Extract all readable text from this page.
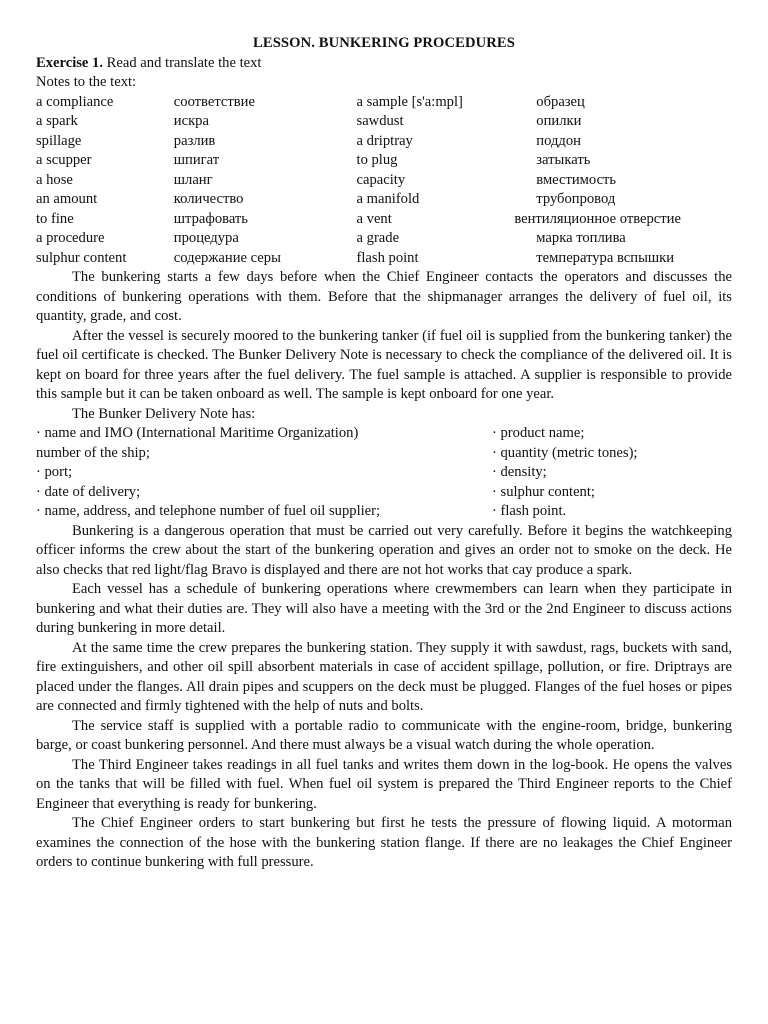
LESSON. BUNKERING PROCEDURES
Exercise 1. Read and translate the text
Notes to the text:
a compliance	соответствие	a sample [s'a:mpl]	образец
a spark	искра	sawdust	опилки
spillage	разлив	a driptray	поддон
a scupper	шпигат	to plug	затыкать
a hose	шланг	capacity	вместимость
an amount	количество	a manifold	трубопровод
to fine	штрафовать	a vent	вентиляционное отверстие
a procedure	процедура	a grade	марка топлива
sulphur content	содержание серы	flash point	температура вспышки

The bunkering starts a few days before when the Chief Engineer contacts the operators and discusses the conditions of bunkering operations with them. Before that the shipmanager arranges the delivery of fuel oil, its quantity, grade, and cost.

After the vessel is securely moored to the bunkering tanker (if fuel oil is supplied from the bunkering tanker) the fuel oil certificate is checked. The Bunker Delivery Note is necessary to check the compliance of the delivered oil. It is kept on board for three years after the fuel delivery. The fuel sample is attached. A supplier is responsible to provide this sample but it can be taken onboard as well. The sample is kept onboard for one year.

The Bunker Delivery Note has:

· name and IMO (International Maritime Organization)
number of the ship;
· port;
· date of delivery;
· name, address, and telephone number of fuel oil supplier;
· product name;
· quantity (metric tones);
· density;
· sulphur content;
· flash point.

Bunkering is a dangerous operation that must be carried out very carefully. Before it begins the watchkeeping officer informs the crew about the start of the bunkering operation and gives an order not to smoke on the deck. He also checks that red light/flag Bravo is displayed and there are not hot works that cay produce a spark.

Each vessel has a schedule of bunkering operations where crewmembers can learn when they participate in bunkering and what their duties are. They will also have a meeting with the 3rd or the 2nd Engineer to discuss actions during bunkering in more detail.

At the same time the crew prepares the bunkering station. They supply it with sawdust, rags, buckets with sand, fire extinguishers, and other oil spill absorbent materials in case of accident spillage, pollution, or fire. Driptrays are placed under the flanges. All drain pipes and scuppers on the deck must be plugged. Flanges of the fuel hoses or pipes are connected and firmly tightened with the help of nuts and bolts.

The service staff is supplied with a portable radio to communicate with the engine-room, bridge, bunkering barge, or coast bunkering personnel. And there must always be a visual watch during the whole operation.

The Third Engineer takes readings in all fuel tanks and writes them down in the log-book. He opens the valves on the tanks that will be filled with fuel. When fuel oil system is prepared the Third Engineer reports to the Chief Engineer that everything is ready for bunkering.

The Chief Engineer orders to start bunkering but first he tests the pressure of flowing liquid. A motorman examines the connection of the hose with the bunkering station flange. If there are no leakages the Chief Engineer orders to continue bunkering with full pressure.
